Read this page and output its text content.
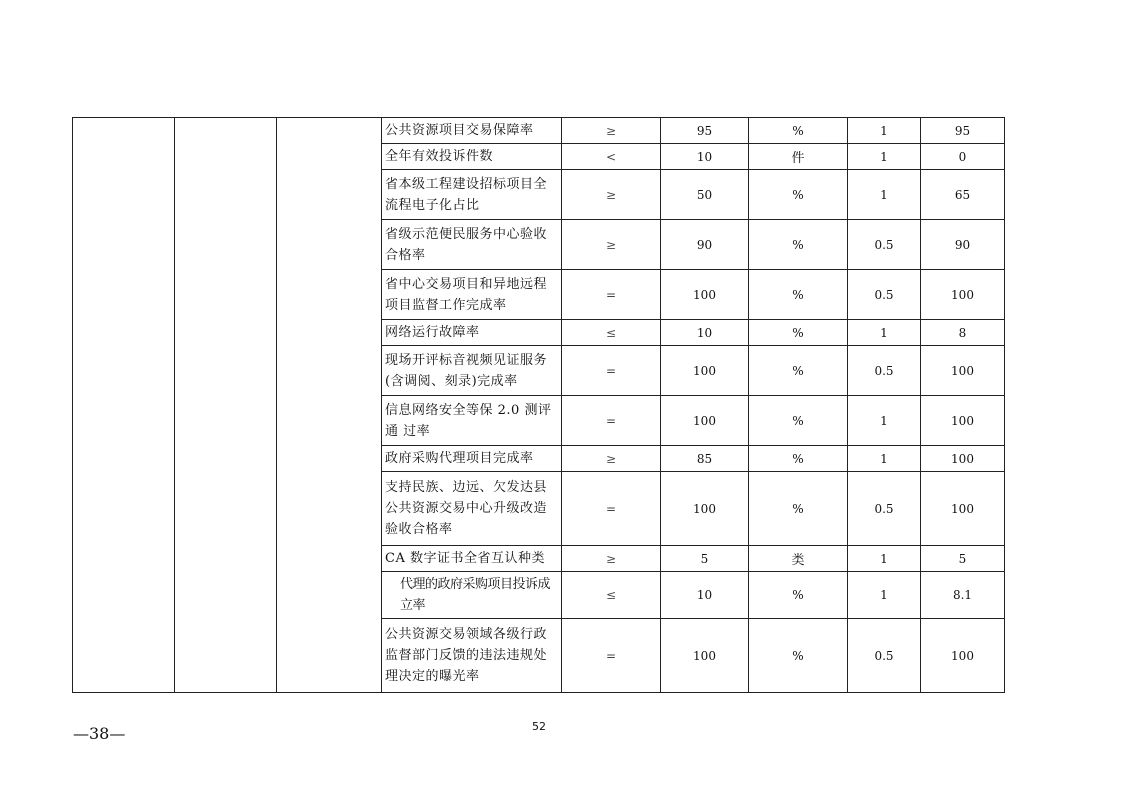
			公共资源项目交易保障率	≥	95	%	1	95
			全年有效投诉件数	<	10	件	1	0
			省本级工程建设招标项目全流程电子化占比	≥	50	%	1	65
			省级示范便民服务中心验收合格率	≥	90	%	0.5	90
			省中心交易项目和异地远程项目监督工作完成率	=	100	%	0.5	100
			网络运行故障率	≤	10	%	1	8
			现场开评标音视频见证服务(含调阅、刻录)完成率	=	100	%	0.5	100
			信息网络安全等保 2.0 测评通 过率	=	100	%	1	100
			政府采购代理项目完成率	≥	85	%	1	100
			支持民族、边远、欠发达县公共资源交易中心升级改造验收合格率	=	100	%	0.5	100
			CA 数字证书全省互认种类	≥	5	类	1	5
			代理的政府采购项目投诉成立率	≤	10	%	1	8.1
			公共资源交易领域各级行政监督部门反馈的违法违规处理决定的曝光率	=	100	%	0.5	100
—38—	52
